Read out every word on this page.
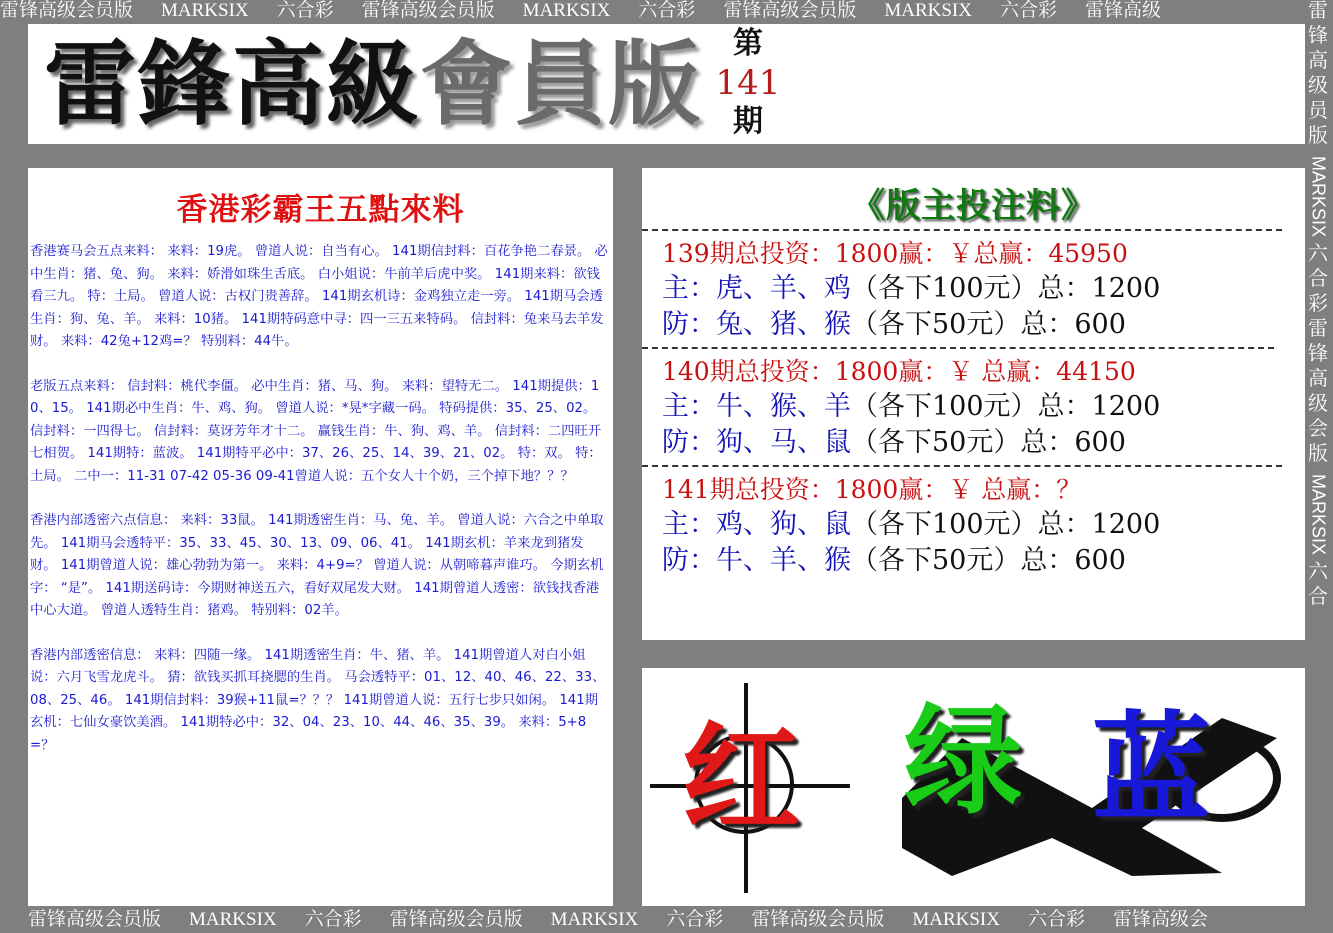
雷锋高级会员版 MARKSIX 六合彩 雷锋高级会员版 MARKSIX 六合彩 雷锋高级会员版 MARKSIX 六合彩 雷锋高级	雷
锋
高
级
员
版
MARKSIX
六
合
彩
雷
锋
高
级
会
版
MARKSIX
六
合
雷鋒高級會員版	第
141
期
香港彩霸王五點來料

香港赛马会五点来料： 来料：19虎。 曾道人说：自当有心。 141期信封料：百花争艳二春景。 必中生肖：猪、兔、狗。 来料：娇滑如珠生舌底。 白小姐说：牛前羊后虎中奖。 141期来料：欲钱看三九。 特：土局。 曾道人说：古权门贵善辞。 141期玄机诗：金鸡独立走一旁。 141期马会透生肖：狗、兔、羊。 来料：10猪。 141期特码意中寻：四一三五来特码。 信封料：兔来马去羊发财。 来料：42兔+12鸡=？ 特别料：44牛。

老版五点来料： 信封料：桃代李僵。 必中生肖：猪、马、狗。 来料：望特无二。 141期提供：10、15。 141期必中生肖：牛、鸡、狗。 曾道人说：*晃*字藏一码。 特码提供：35、25、02。 信封料：一四得七。 信封料：莫讶芳年才十二。 赢钱生肖：牛、狗、鸡、羊。 信封料：二四旺开七相贺。 141期特：蓝波。 141期特平必中：37、26、25、14、39、21、02。 特：双。 特：土局。 二中一：11-31 07-42 05-36 09-41曾道人说：五个女人十个奶，三个掉下地？？？

香港内部透密六点信息： 来料：33鼠。 141期透密生肖：马、兔、羊。 曾道人说：六合之中单取先。 141期马会透特平：35、33、45、30、13、09、06、41。 141期玄机：羊来龙到猪发财。 141期曾道人说：雄心勃勃为第一。 来料：4+9=？ 曾道人说：从朝啼暮声谁巧。 今期玄机字： “是”。 141期送码诗：今期财神送五六，看好双尾发大财。 141期曾道人透密：欲钱找香港中心大道。 曾道人透特生肖：猪鸡。 特别料：02羊。

香港内部透密信息： 来料：四随一缘。 141期透密生肖：牛、猪、羊。 141期曾道人对白小姐说：六月飞雪龙虎斗。 猜：欲钱买抓耳挠腮的生肖。 马会透特平：01、12、40、46、22、33、08、25、46。 141期信封料：39猴+11鼠=？？？ 141期曾道人说：五行七步只如闲。 141期玄机：七仙女豪饮美酒。 141期特必中：32、04、23、10、44、46、35、39。 来料：5+8=？

《版主投注料》
139期总投资：1800赢：￥总赢：45950
主：虎、羊、鸡（各下100元）总：1200
防：兔、猪、猴（各下50元）总：600
140期总投资：1800赢：￥ 总赢：44150
主：牛、猴、羊（各下100元）总：1200
防：狗、马、鼠（各下50元）总：600
141期总投资：1800赢：￥ 总赢：？
主：鸡、狗、鼠（各下100元）总：1200
防：牛、羊、猴（各下50元）总：600
红 绿 蓝
雷锋高级会员版 MARKSIX 六合彩 雷锋高级会员版 MARKSIX 六合彩 雷锋高级会员版 MARKSIX 六合彩 雷锋高级会
